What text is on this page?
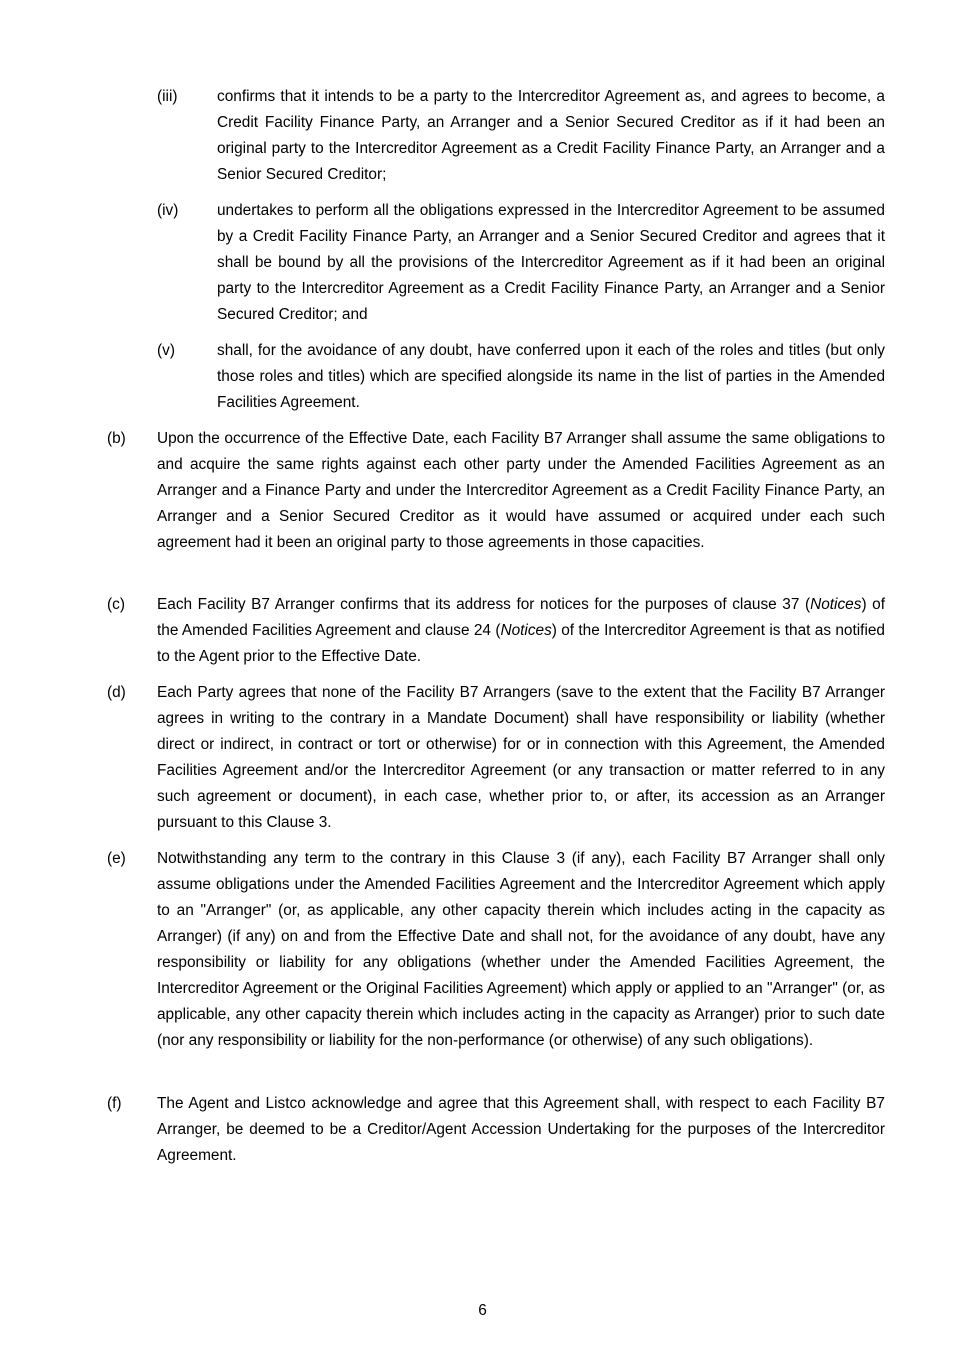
(iii)	confirms that it intends to be a party to the Intercreditor Agreement as, and agrees to become, a Credit Facility Finance Party, an Arranger and a Senior Secured Creditor as if it had been an original party to the Intercreditor Agreement as a Credit Facility Finance Party, an Arranger and a Senior Secured Creditor;
(iv)	undertakes to perform all the obligations expressed in the Intercreditor Agreement to be assumed by a Credit Facility Finance Party, an Arranger and a Senior Secured Creditor and agrees that it shall be bound by all the provisions of the Intercreditor Agreement as if it had been an original party to the Intercreditor Agreement as a Credit Facility Finance Party, an Arranger and a Senior Secured Creditor; and
(v)	shall, for the avoidance of any doubt, have conferred upon it each of the roles and titles (but only those roles and titles) which are specified alongside its name in the list of parties in the Amended Facilities Agreement.
(b) Upon the occurrence of the Effective Date, each Facility B7 Arranger shall assume the same obligations to and acquire the same rights against each other party under the Amended Facilities Agreement as an Arranger and a Finance Party and under the Intercreditor Agreement as a Credit Facility Finance Party, an Arranger and a Senior Secured Creditor as it would have assumed or acquired under each such agreement had it been an original party to those agreements in those capacities.
(c) Each Facility B7 Arranger confirms that its address for notices for the purposes of clause 37 (Notices) of the Amended Facilities Agreement and clause 24 (Notices) of the Intercreditor Agreement is that as notified to the Agent prior to the Effective Date.
(d) Each Party agrees that none of the Facility B7 Arrangers (save to the extent that the Facility B7 Arranger agrees in writing to the contrary in a Mandate Document) shall have responsibility or liability (whether direct or indirect, in contract or tort or otherwise) for or in connection with this Agreement, the Amended Facilities Agreement and/or the Intercreditor Agreement (or any transaction or matter referred to in any such agreement or document), in each case, whether prior to, or after, its accession as an Arranger pursuant to this Clause 3.
(e) Notwithstanding any term to the contrary in this Clause 3 (if any), each Facility B7 Arranger shall only assume obligations under the Amended Facilities Agreement and the Intercreditor Agreement which apply to an "Arranger" (or, as applicable, any other capacity therein which includes acting in the capacity as Arranger) (if any) on and from the Effective Date and shall not, for the avoidance of any doubt, have any responsibility or liability for any obligations (whether under the Amended Facilities Agreement, the Intercreditor Agreement or the Original Facilities Agreement) which apply or applied to an "Arranger" (or, as applicable, any other capacity therein which includes acting in the capacity as Arranger) prior to such date (nor any responsibility or liability for the non-performance (or otherwise) of any such obligations).
(f) The Agent and Listco acknowledge and agree that this Agreement shall, with respect to each Facility B7 Arranger, be deemed to be a Creditor/Agent Accession Undertaking for the purposes of the Intercreditor Agreement.
6
